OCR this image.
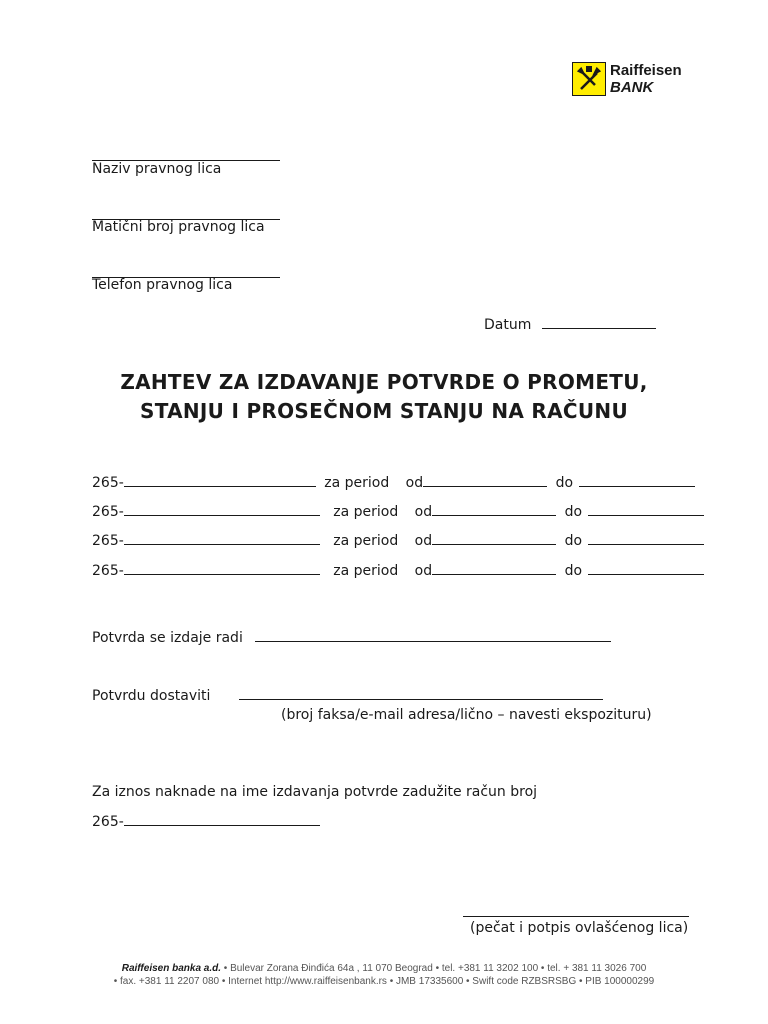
Raiffeisen
BANK
Naziv pravnog lica
Matični broj pravnog lica
Telefon pravnog lica
Datum
ZAHTEV ZA IZDAVANJE POTVRDE O PROMETU,
STANJU I PROSEČNOM STANJU NA RAČUNU
265-	za period od	do
265-	za period od	do
265-	za period od	do
265-	za period od	do
Potvrda se izdaje radi
Potvrdu dostaviti
(broj faksa/e-mail adresa/lično – navesti ekspozituru)
Za iznos naknade na ime izdavanja potvrde zadužite račun broj
265-
(pečat i potpis ovlašćenog lica)
Raiffeisen banka a.d. • Bulevar Zorana Đinđića 64a , 11 070 Beograd • tel. +381 11 3202 100 • tel. + 381 11 3026 700
• fax. +381 11 2207 080 • Internet http://www.raiffeisenbank.rs • JMB 17335600 • Swift code RZBSRSBG • PIB 100000299
